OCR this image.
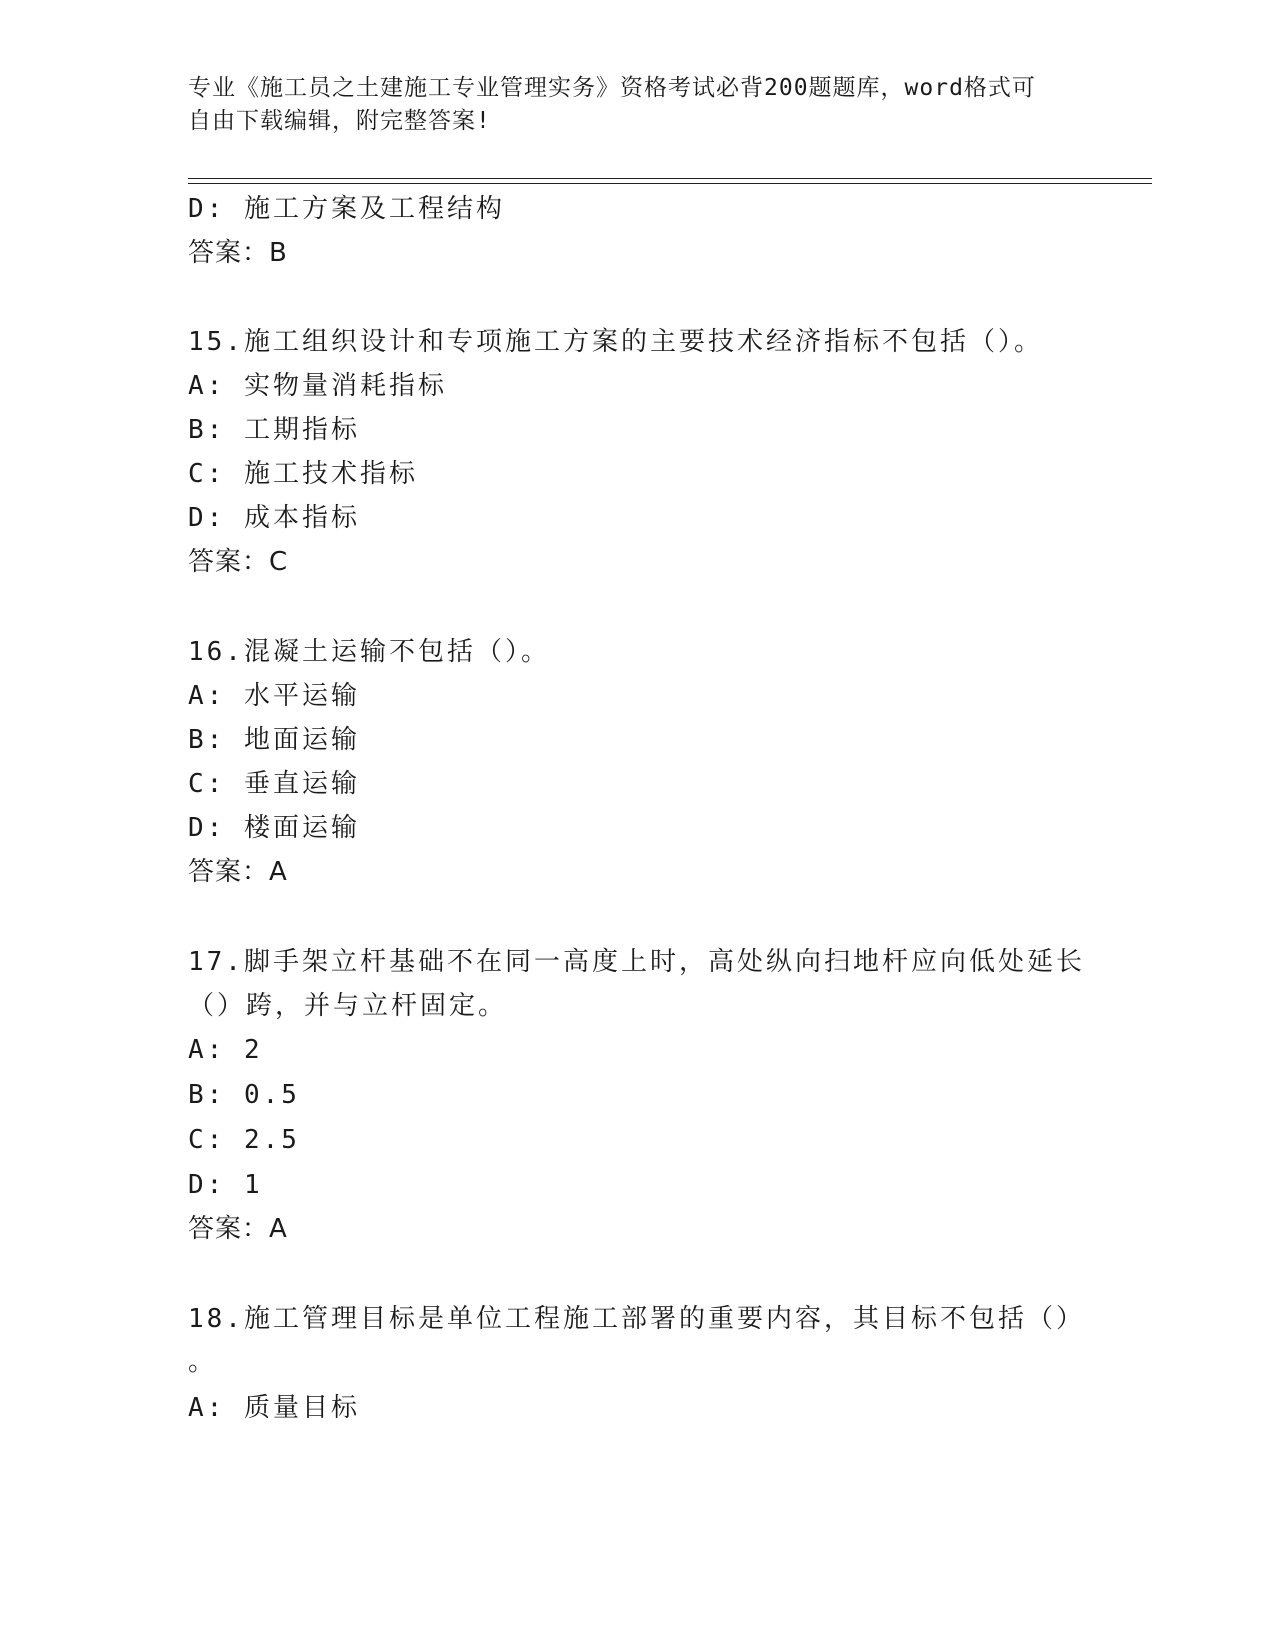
专业《施工员之土建施工专业管理实务》资格考试必背200题题库，word格式可
自由下载编辑，附完整答案!
D: 施工方案及工程结构
答案：B
15.施工组织设计和专项施工方案的主要技术经济指标不包括（）。
A: 实物量消耗指标
B: 工期指标
C: 施工技术指标
D: 成本指标
答案：C
16.混凝土运输不包括（）。
A: 水平运输
B: 地面运输
C: 垂直运输
D: 楼面运输
答案：A
17.脚手架立杆基础不在同一高度上时，高处纵向扫地杆应向低处延长
（）跨，并与立杆固定。
A: 2
B: 0.5
C: 2.5
D: 1
答案：A
18.施工管理目标是单位工程施工部署的重要内容，其目标不包括（）
。
A: 质量目标
